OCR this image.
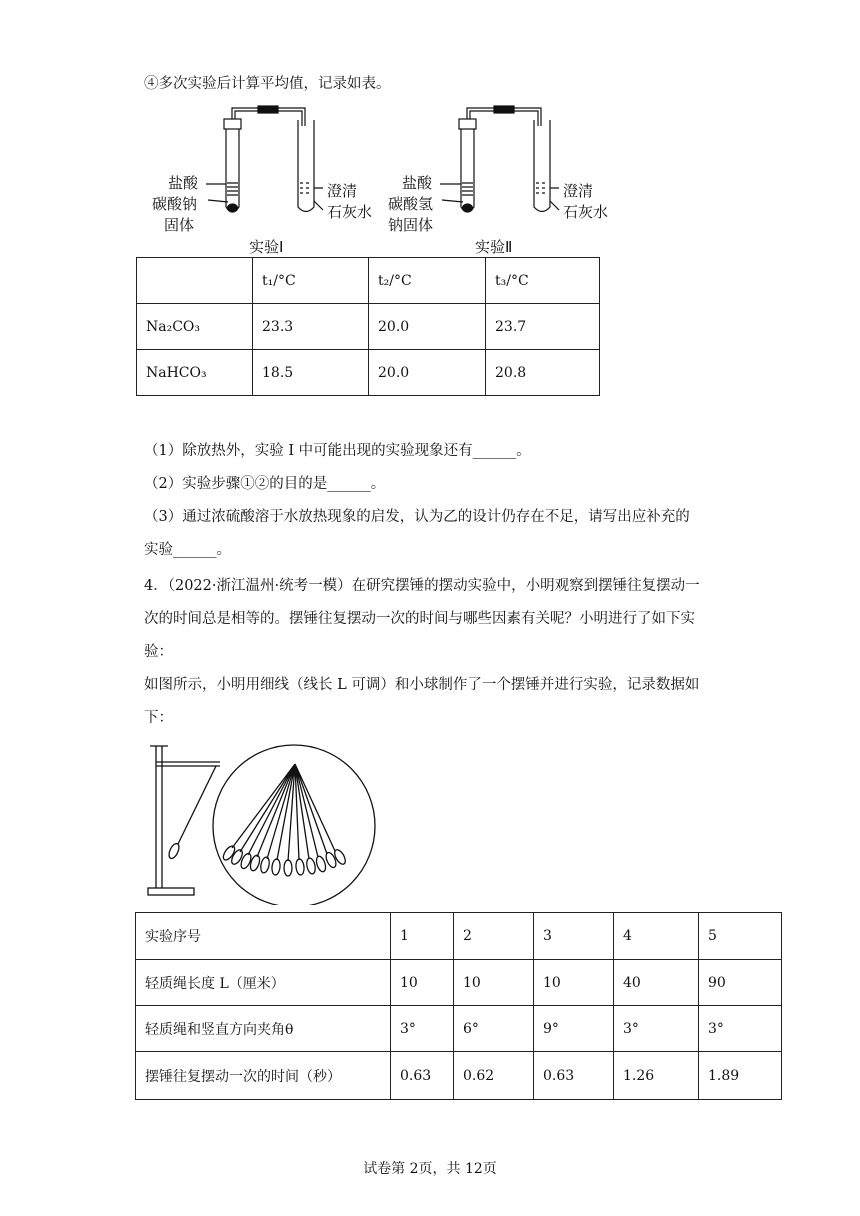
④多次实验后计算平均值，记录如表。
盐酸
碳酸钠
固体
澄清
石灰水
实验Ⅰ
盐酸
碳酸氢
钠固体
澄清
石灰水
实验Ⅱ
	t₁/°C	t₂/°C	t₃/°C
Na₂CO₃	23.3	20.0	23.7
NaHCO₃	18.5	20.0	20.8
（1）除放热外，实验 I 中可能出现的实验现象还有______。
（2）实验步骤①②的目的是______。
（3）通过浓硫酸溶于水放热现象的启发，认为乙的设计仍存在不足，请写出应补充的
实验______。
4．（2022·浙江温州·统考一模）在研究摆锤的摆动实验中，小明观察到摆锤往复摆动一
次的时间总是相等的。摆锤往复摆动一次的时间与哪些因素有关呢？小明进行了如下实
验：
如图所示，小明用细线（线长 L 可调）和小球制作了一个摆锤并进行实验，记录数据如
下：
实验序号	1	2	3	4	5
轻质绳长度 L（厘米）	10	10	10	40	90
轻质绳和竖直方向夹角θ	3°	6°	9°	3°	3°
摆锤往复摆动一次的时间（秒）	0.63	0.62	0.63	1.26	1.89
试卷第 2页，共 12页
